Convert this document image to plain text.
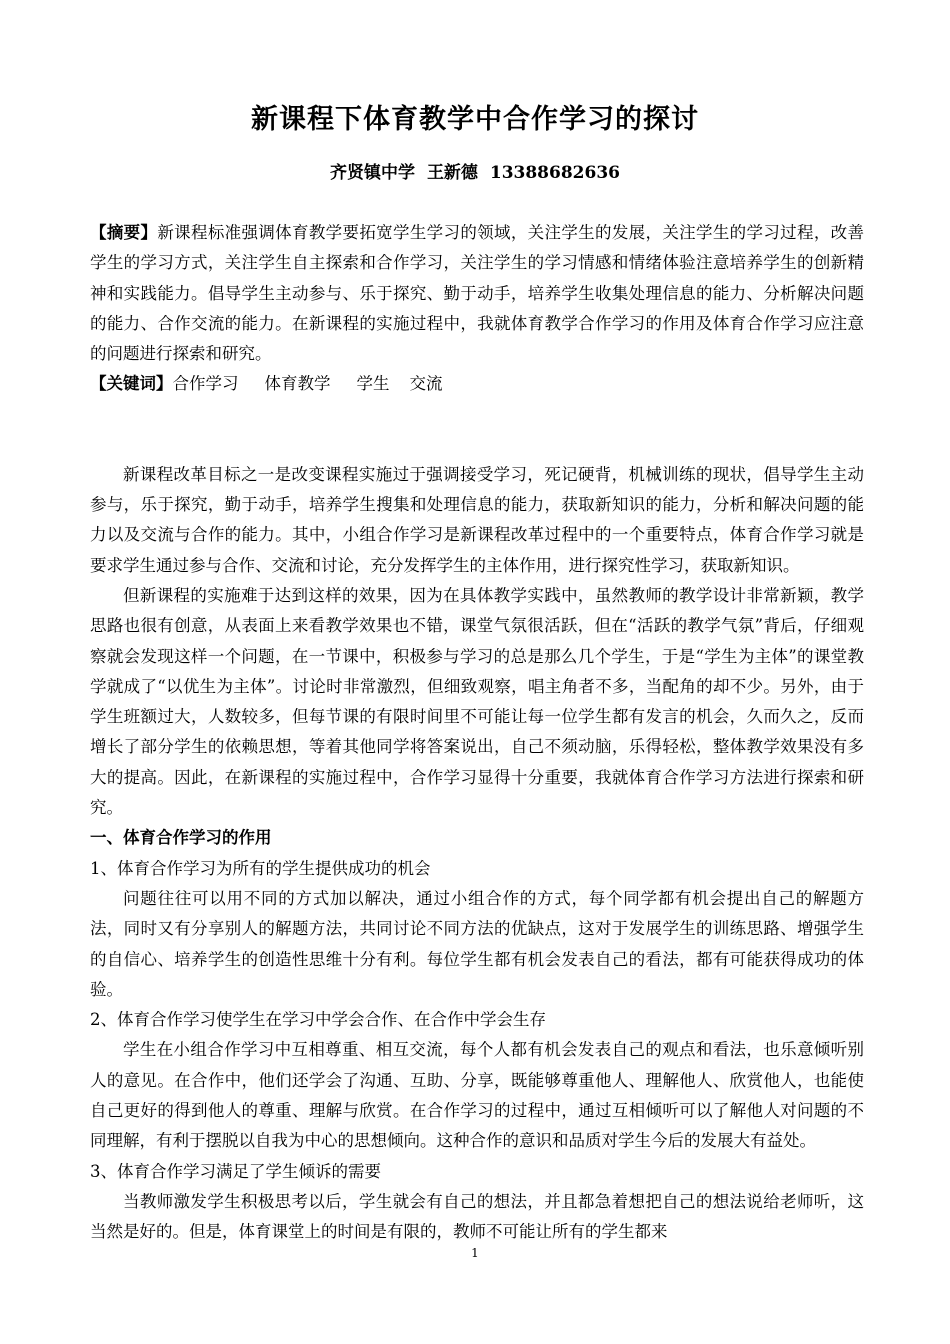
新课程下体育教学中合作学习的探讨
齐贤镇中学 王新德 13388682636

【摘要】新课程标准强调体育教学要拓宽学生学习的领域，关注学生的发展，关注学生的学习过程，改善学生的学习方式，关注学生自主探索和合作学习，关注学生的学习情感和情绪体验注意培养学生的创新精神和实践能力。倡导学生主动参与、乐于探究、勤于动手，培养学生收集处理信息的能力、分析解决问题的能力、合作交流的能力。在新课程的实施过程中，我就体育教学合作学习的作用及体育合作学习应注意的问题进行探索和研究。

【关键词】合作学习 体育教学 学生 交流

新课程改革目标之一是改变课程实施过于强调接受学习，死记硬背，机械训练的现状，倡导学生主动参与，乐于探究，勤于动手，培养学生搜集和处理信息的能力，获取新知识的能力，分析和解决问题的能力以及交流与合作的能力。其中，小组合作学习是新课程改革过程中的一个重要特点，体育合作学习就是要求学生通过参与合作、交流和讨论，充分发挥学生的主体作用，进行探究性学习，获取新知识。

但新课程的实施难于达到这样的效果，因为在具体教学实践中，虽然教师的教学设计非常新颖，教学思路也很有创意，从表面上来看教学效果也不错，课堂气氛很活跃，但在“活跃的教学气氛”背后，仔细观察就会发现这样一个问题，在一节课中，积极参与学习的总是那么几个学生，于是“学生为主体”的课堂教学就成了“以优生为主体”。讨论时非常激烈，但细致观察，唱主角者不多，当配角的却不少。另外，由于学生班额过大，人数较多，但每节课的有限时间里不可能让每一位学生都有发言的机会，久而久之，反而增长了部分学生的依赖思想，等着其他同学将答案说出，自己不须动脑，乐得轻松，整体教学效果没有多大的提高。因此，在新课程的实施过程中，合作学习显得十分重要，我就体育合作学习方法进行探索和研究。

一、体育合作学习的作用

1、体育合作学习为所有的学生提供成功的机会

问题往往可以用不同的方式加以解决，通过小组合作的方式，每个同学都有机会提出自己的解题方法，同时又有分享别人的解题方法，共同讨论不同方法的优缺点，这对于发展学生的训练思路、增强学生的自信心、培养学生的创造性思维十分有利。每位学生都有机会发表自己的看法，都有可能获得成功的体验。

2、体育合作学习使学生在学习中学会合作、在合作中学会生存

学生在小组合作学习中互相尊重、相互交流，每个人都有机会发表自己的观点和看法，也乐意倾听别人的意见。在合作中，他们还学会了沟通、互助、分享，既能够尊重他人、理解他人、欣赏他人，也能使自己更好的得到他人的尊重、理解与欣赏。在合作学习的过程中，通过互相倾听可以了解他人对问题的不同理解，有利于摆脱以自我为中心的思想倾向。这种合作的意识和品质对学生今后的发展大有益处。

3、体育合作学习满足了学生倾诉的需要

当教师激发学生积极思考以后，学生就会有自己的想法，并且都急着想把自己的想法说给老师听，这当然是好的。但是，体育课堂上的时间是有限的，教师不可能让所有的学生都来

1
